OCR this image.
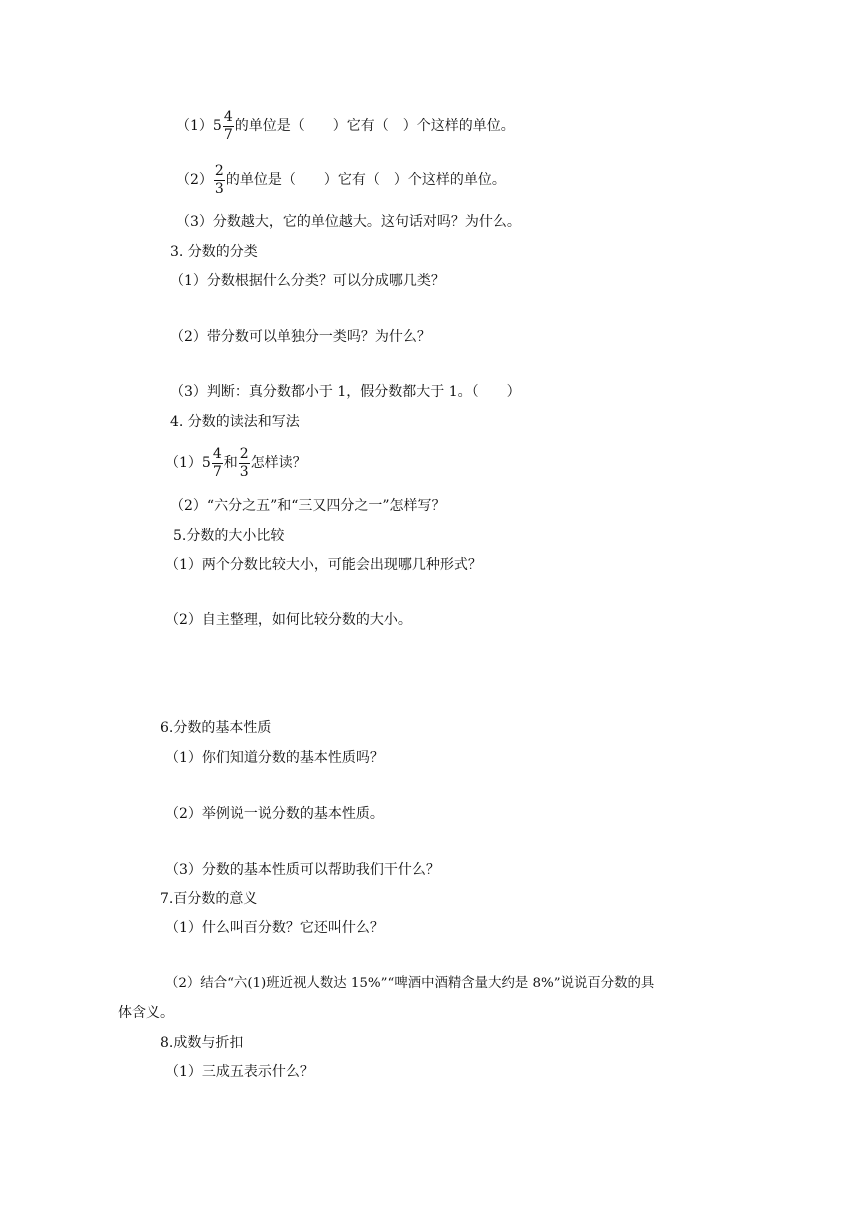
（1） $5 \frac{4}{7}$ 的单位是（　　）它有（　）个这样的单位。
$(2) \frac{2}{3}$ 的单位是（　　）它有（　）个这样的单位。
（3）分数越大，它的单位越大。这句话对吗？为什么。
3. 分数的分类
（1）分数根据什么分类？可以分成哪几类？
（2）带分数可以单独分一类吗？为什么？
（3）判断：真分数都小于 1，假分数都大于 1。（　　）
4. 分数的读法和写法
（1） $5 \frac{4}{7}$ 和 $\frac{2}{3}$ 怎样读？
（2）“六分之五”和“三又四分之一”怎样写？
5.分数的大小比较
（1）两个分数比较大小，可能会出现哪几种形式？
（2）自主整理，如何比较分数的大小。
6.分数的基本性质
（1）你们知道分数的基本性质吗？
（2）举例说一说分数的基本性质。
（3）分数的基本性质可以帮助我们干什么？
7.百分数的意义
（1）什么叫百分数？它还叫什么？
（2）结合“六(1)班近视人数达 15%”“啤酒中酒精含量大约是 8%”说说百分数的具
体含义。
8.成数与折扣
（1）三成五表示什么？
